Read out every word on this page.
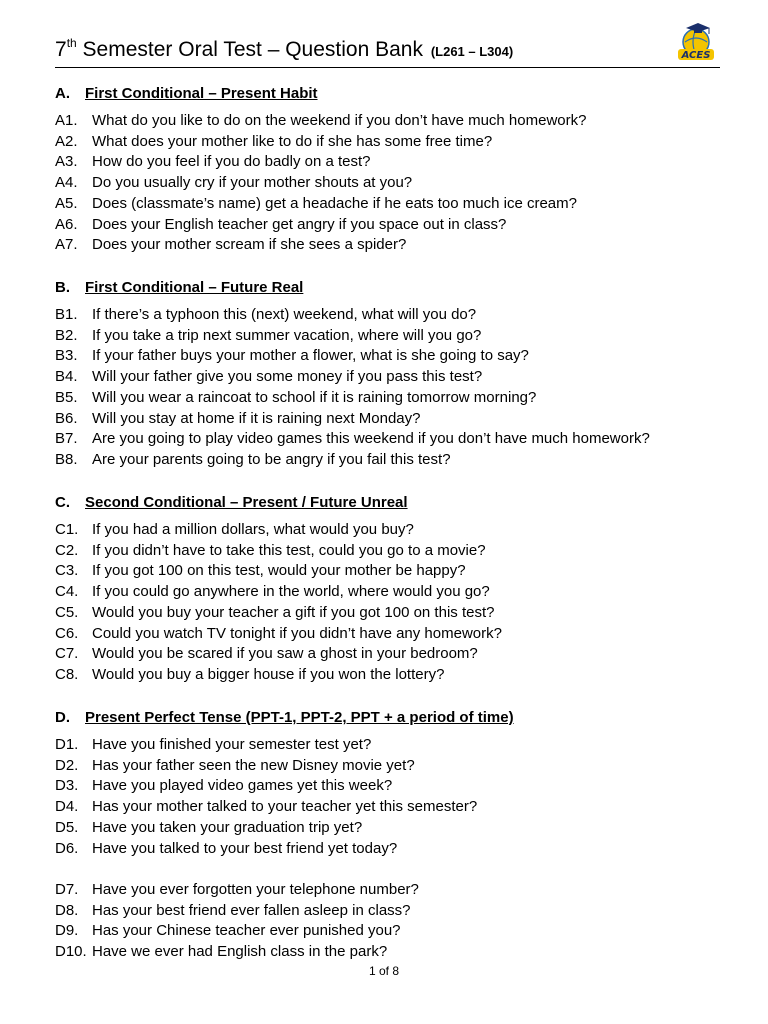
7th Semester Oral Test – Question Bank (L261 – L304)	ACES
A. First Conditional – Present Habit
A1. What do you like to do on the weekend if you don’t have much homework?
A2. What does your mother like to do if she has some free time?
A3. How do you feel if you do badly on a test?
A4. Do you usually cry if your mother shouts at you?
A5. Does (classmate’s name) get a headache if he eats too much ice cream?
A6. Does your English teacher get angry if you space out in class?
A7. Does your mother scream if she sees a spider?
B. First Conditional – Future Real
B1. If there’s a typhoon this (next) weekend, what will you do?
B2. If you take a trip next summer vacation, where will you go?
B3. If your father buys your mother a flower, what is she going to say?
B4. Will your father give you some money if you pass this test?
B5. Will you wear a raincoat to school if it is raining tomorrow morning?
B6. Will you stay at home if it is raining next Monday?
B7. Are you going to play video games this weekend if you don’t have much homework?
B8. Are your parents going to be angry if you fail this test?
C. Second Conditional – Present / Future Unreal
C1. If you had a million dollars, what would you buy?
C2. If you didn’t have to take this test, could you go to a movie?
C3. If you got 100 on this test, would your mother be happy?
C4. If you could go anywhere in the world, where would you go?
C5. Would you buy your teacher a gift if you got 100 on this test?
C6. Could you watch TV tonight if you didn’t have any homework?
C7. Would you be scared if you saw a ghost in your bedroom?
C8. Would you buy a bigger house if you won the lottery?
D. Present Perfect Tense (PPT-1, PPT-2, PPT + a period of time)
D1. Have you finished your semester test yet?
D2. Has your father seen the new Disney movie yet?
D3. Have you played video games yet this week?
D4. Has your mother talked to your teacher yet this semester?
D5. Have you taken your graduation trip yet?
D6. Have you talked to your best friend yet today?
D7. Have you ever forgotten your telephone number?
D8. Has your best friend ever fallen asleep in class?
D9. Has your Chinese teacher ever punished you?
D10. Have we ever had English class in the park?
1 of 8
